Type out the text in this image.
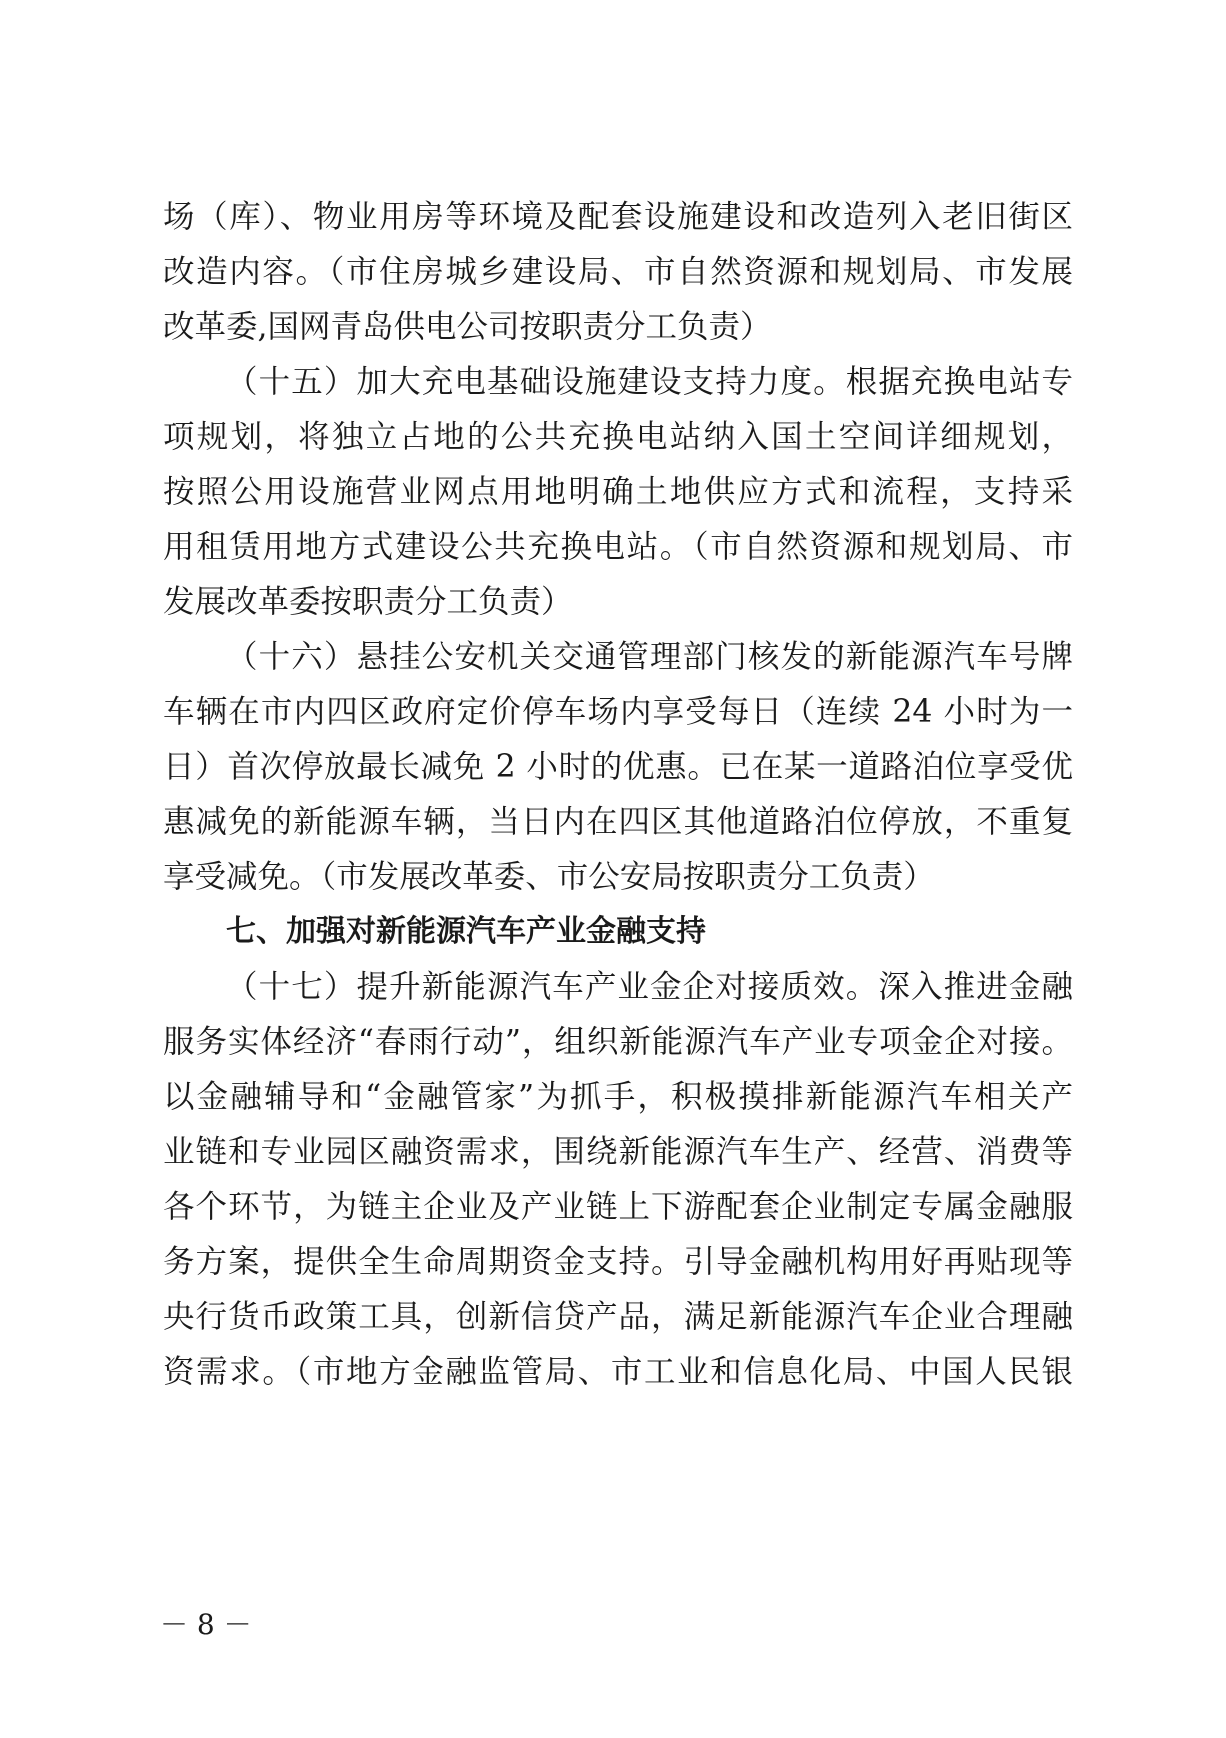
场（库）、物业用房等环境及配套设施建设和改造列入老旧街区
改造内容。（市住房城乡建设局、市自然资源和规划局、市发展
改革委,国网青岛供电公司按职责分工负责）
（十五）加大充电基础设施建设支持力度。根据充换电站专
项规划，将独立占地的公共充换电站纳入国土空间详细规划，
按照公用设施营业网点用地明确土地供应方式和流程，支持采
用租赁用地方式建设公共充换电站。（市自然资源和规划局、市
发展改革委按职责分工负责）
（十六）悬挂公安机关交通管理部门核发的新能源汽车号牌
车辆在市内四区政府定价停车场内享受每日（连续 24 小时为一
日）首次停放最长减免 2 小时的优惠。已在某一道路泊位享受优
惠减免的新能源车辆，当日内在四区其他道路泊位停放，不重复
享受减免。（市发展改革委、市公安局按职责分工负责）
七、加强对新能源汽车产业金融支持
（十七）提升新能源汽车产业金企对接质效。深入推进金融
服务实体经济“春雨行动”，组织新能源汽车产业专项金企对接。
以金融辅导和“金融管家”为抓手，积极摸排新能源汽车相关产
业链和专业园区融资需求，围绕新能源汽车生产、经营、消费等
各个环节，为链主企业及产业链上下游配套企业制定专属金融服
务方案，提供全生命周期资金支持。引导金融机构用好再贴现等
央行货币政策工具，创新信贷产品，满足新能源汽车企业合理融
资需求。（市地方金融监管局、市工业和信息化局、中国人民银
－ 8 －
